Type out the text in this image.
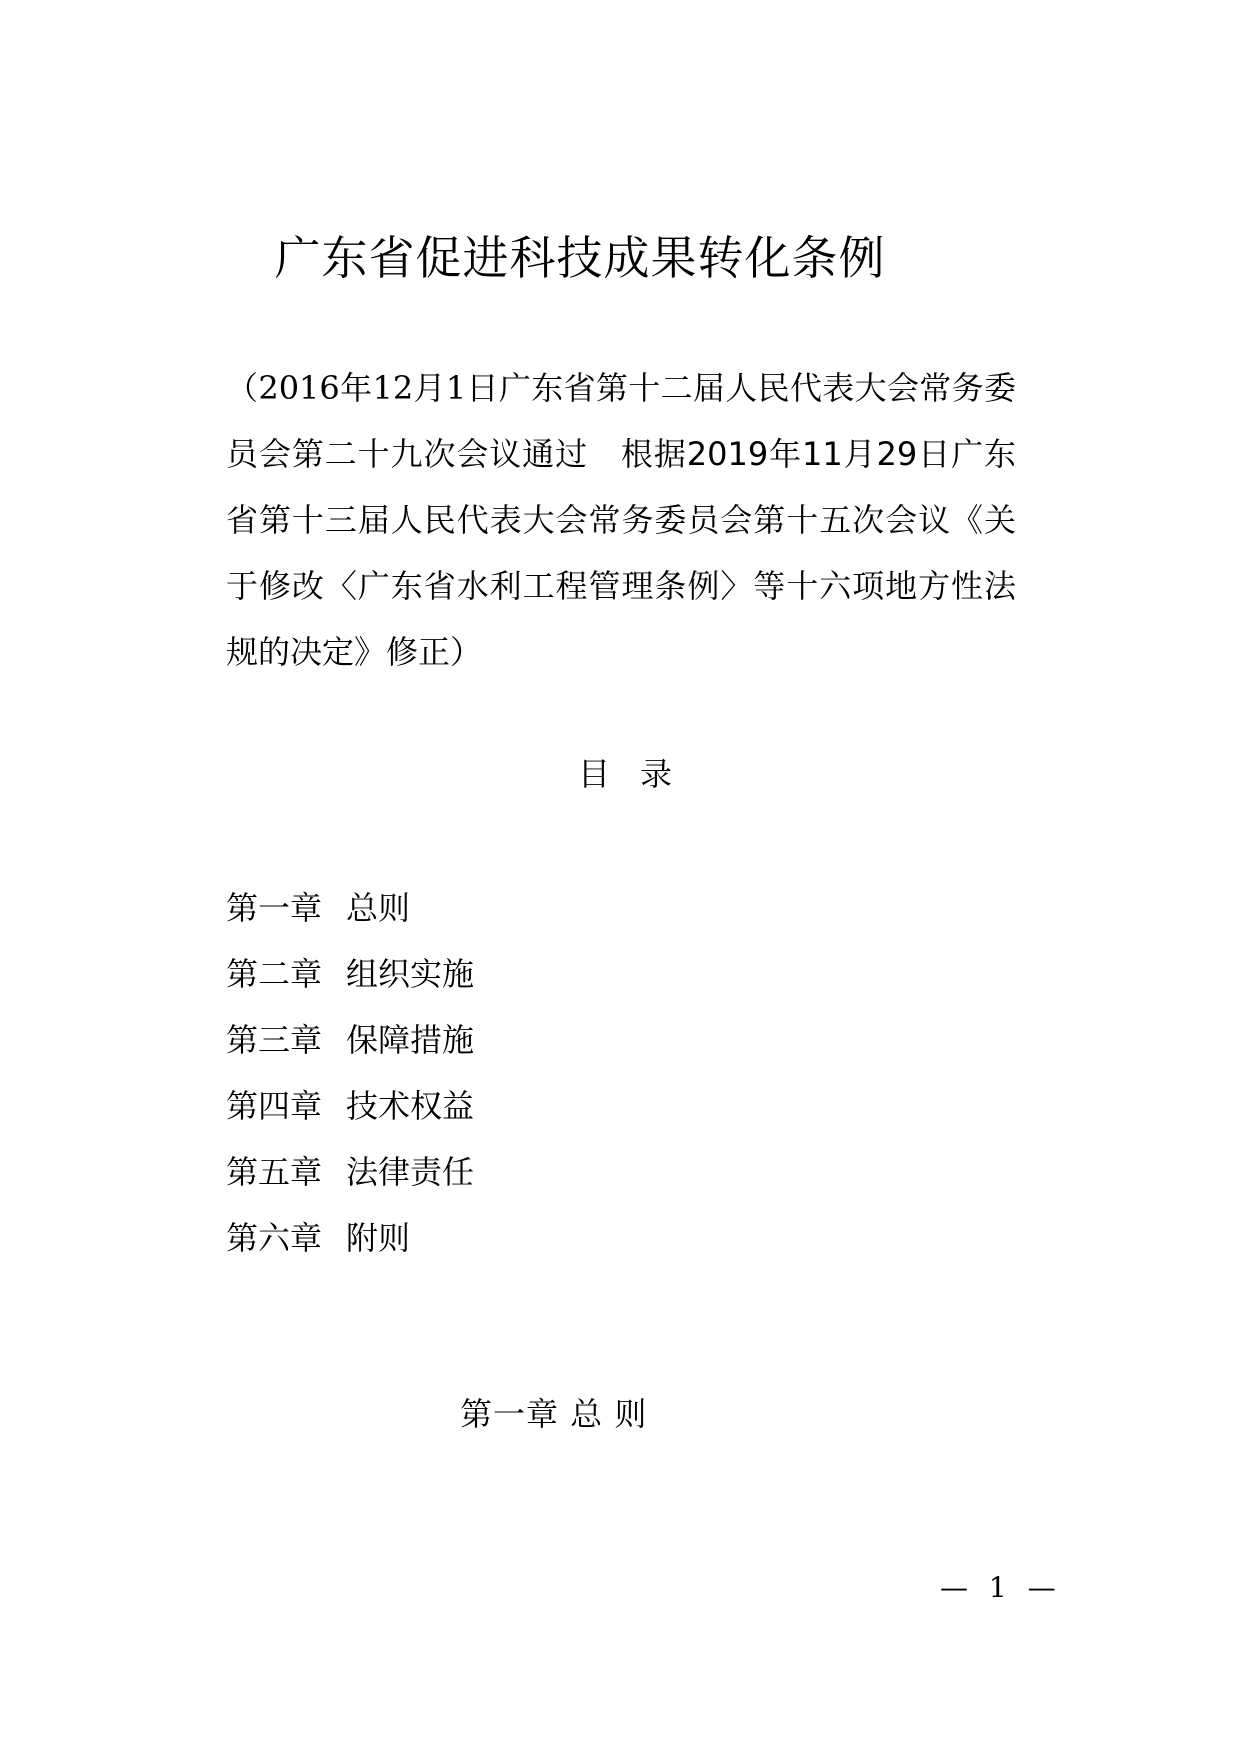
广东省促进科技成果转化条例

（2016年12月1日广东省第十二届人民代表大会常务委员会第二十九次会议通过　 根据2019年11月29日广东省第十三届人民代表大会常务委员会第十五次会议《关于修改〈广东省水利工程管理条例〉等十六项地方性法规的决定》修正）

目录
第一章 总则
第二章 组织实施
第三章 保障措施
第四章 技术权益
第五章 法律责任
第六章 附则
第一章 总 则
— 1 —
